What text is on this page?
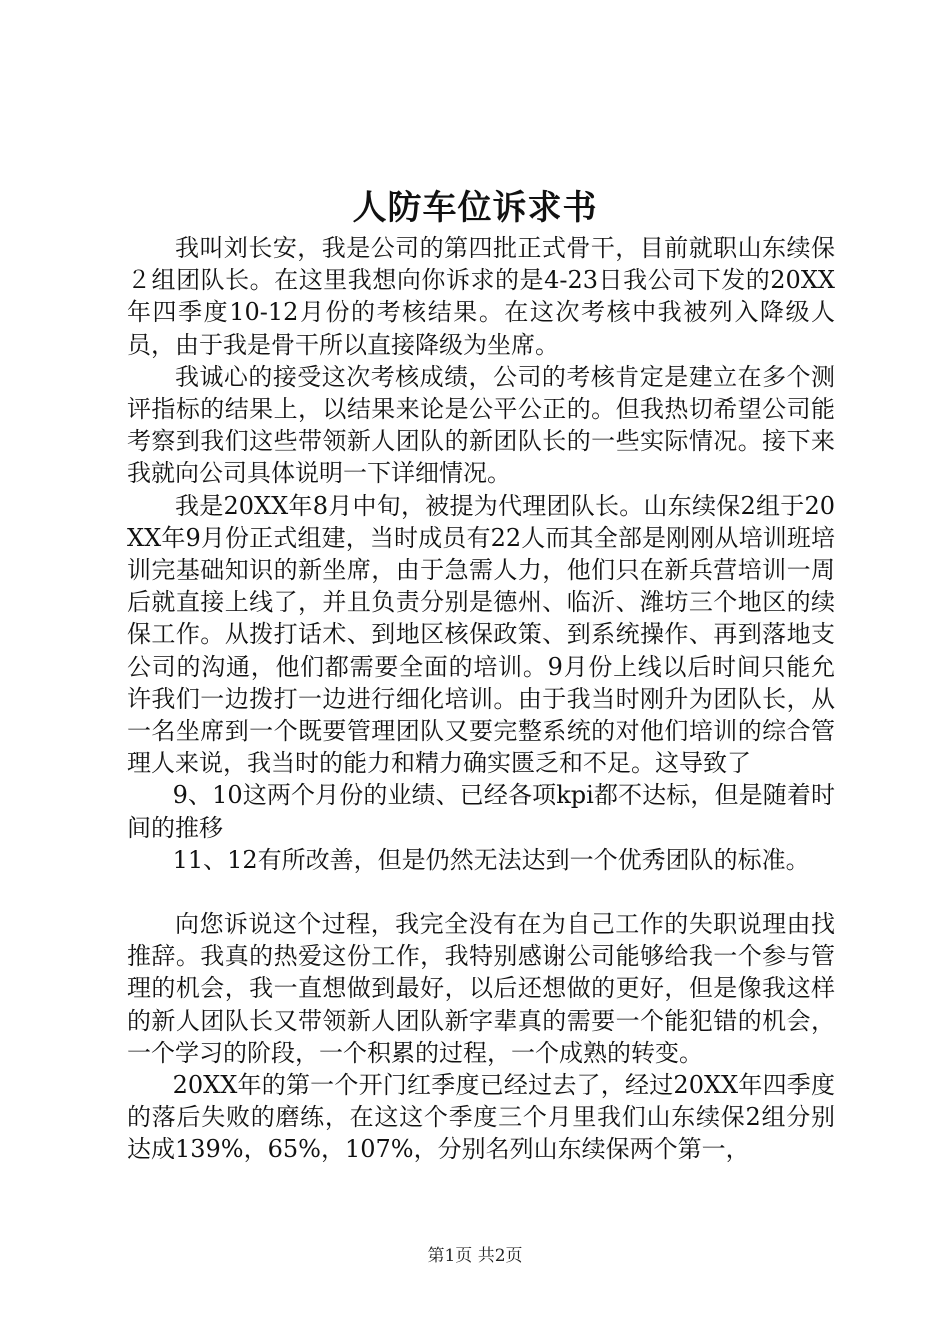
人防车位诉求书

我叫刘长安，我是公司的第四批正式骨干，目前就职山东续保２组团队长。在这里我想向你诉求的是4-23日我公司下发的20XX年四季度10-12月份的考核结果。在这次考核中我被列入降级人员，由于我是骨干所以直接降级为坐席。

我诚心的接受这次考核成绩，公司的考核肯定是建立在多个测评指标的结果上，以结果来论是公平公正的。但我热切希望公司能考察到我们这些带领新人团队的新团队长的一些实际情况。接下来我就向公司具体说明一下详细情况。

我是20XX年8月中旬，被提为代理团队长。山东续保2组于20XX年9月份正式组建，当时成员有22人而其全部是刚刚从培训班培训完基础知识的新坐席，由于急需人力，他们只在新兵营培训一周后就直接上线了，并且负责分别是德州、临沂、潍坊三个地区的续保工作。从拨打话术、到地区核保政策、到系统操作、再到落地支公司的沟通，他们都需要全面的培训。9月份上线以后时间只能允许我们一边拨打一边进行细化培训。由于我当时刚升为团队长，从一名坐席到一个既要管理团队又要完整系统的对他们培训的综合管理人来说，我当时的能力和精力确实匮乏和不足。这导致了

9、10这两个月份的业绩、已经各项kpi都不达标，但是随着时间的推移

11、12有所改善，但是仍然无法达到一个优秀团队的标准。

向您诉说这个过程，我完全没有在为自己工作的失职说理由找推辞。我真的热爱这份工作，我特别感谢公司能够给我一个参与管理的机会，我一直想做到最好，以后还想做的更好，但是像我这样的新人团队长又带领新人团队新字辈真的需要一个能犯错的机会，一个学习的阶段，一个积累的过程，一个成熟的转变。

20XX年的第一个开门红季度已经过去了，经过20XX年四季度的落后失败的磨练，在这这个季度三个月里我们山东续保2组分别达成139%，65%，107%，分别名列山东续保两个第一，

第1页 共2页
